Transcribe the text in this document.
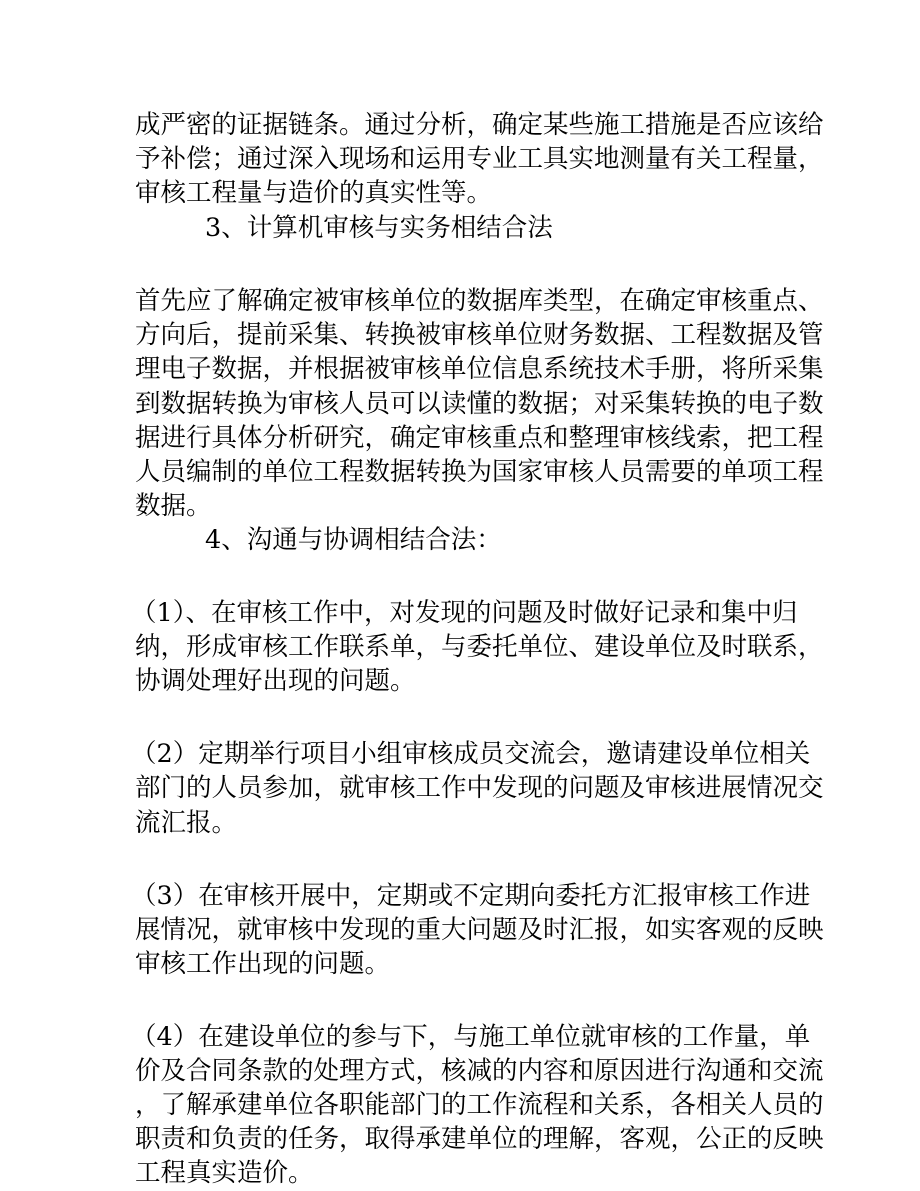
成严密的证据链条。通过分析，确定某些施工措施是否应该给
予补偿；通过深入现场和运用专业工具实地测量有关工程量，
审核工程量与造价的真实性等。
3、计算机审核与实务相结合法
首先应了解确定被审核单位的数据库类型，在确定审核重点、
方向后，提前采集、转换被审核单位财务数据、工程数据及管
理电子数据，并根据被审核单位信息系统技术手册，将所采集
到数据转换为审核人员可以读懂的数据；对采集转换的电子数
据进行具体分析研究，确定审核重点和整理审核线索，把工程
人员编制的单位工程数据转换为国家审核人员需要的单项工程
数据。
4、沟通与协调相结合法：
（1）、在审核工作中，对发现的问题及时做好记录和集中归
纳，形成审核工作联系单，与委托单位、建设单位及时联系，
协调处理好出现的问题。
（2）定期举行项目小组审核成员交流会，邀请建设单位相关
部门的人员参加，就审核工作中发现的问题及审核进展情况交
流汇报。
（3）在审核开展中，定期或不定期向委托方汇报审核工作进
展情况，就审核中发现的重大问题及时汇报，如实客观的反映
审核工作出现的问题。
（4）在建设单位的参与下，与施工单位就审核的工作量，单
价及合同条款的处理方式，核减的内容和原因进行沟通和交流
，了解承建单位各职能部门的工作流程和关系，各相关人员的
职责和负责的任务，取得承建单位的理解，客观，公正的反映
工程真实造价。
